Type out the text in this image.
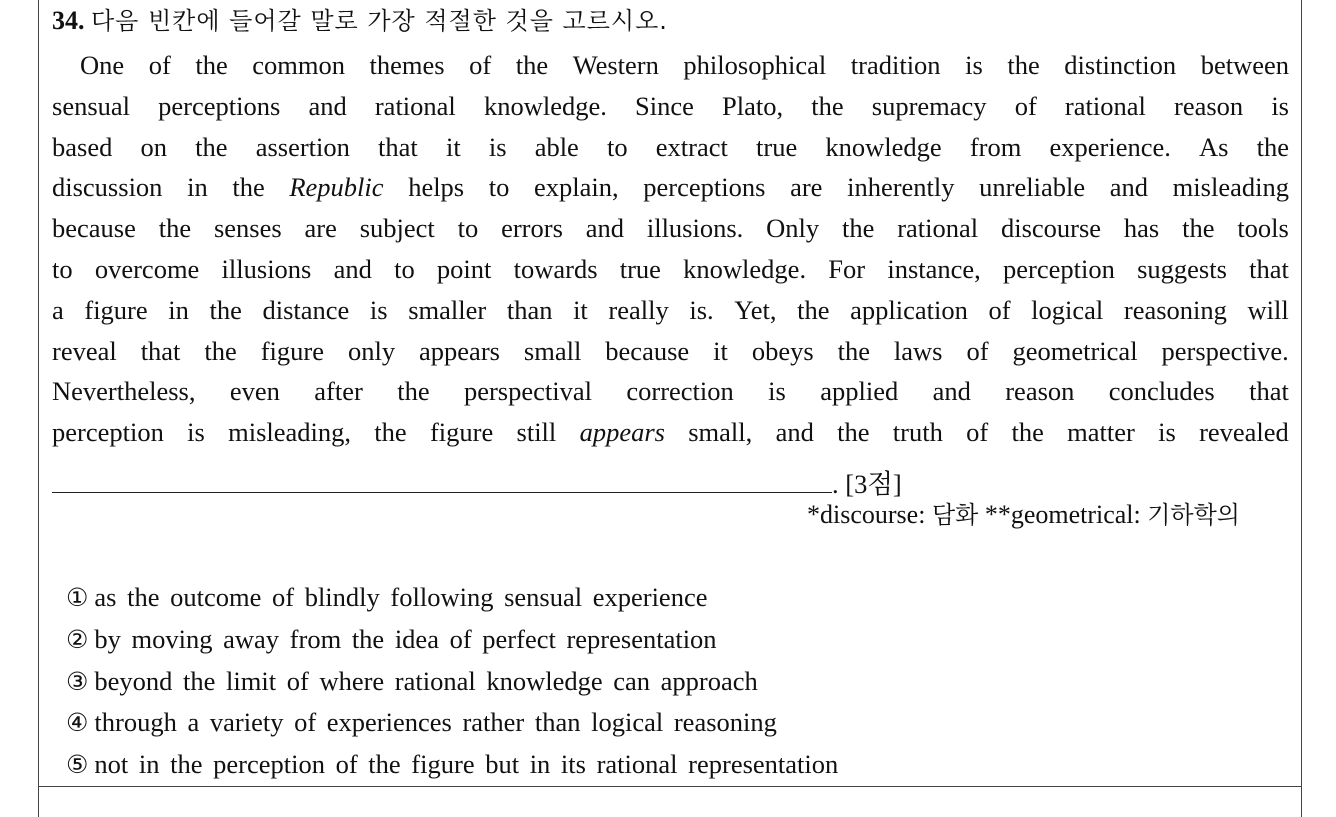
34. 다음 빈칸에 들어갈 말로 가장 적절한 것을 고르시오.
One of the common themes of the Western philosophical tradition is the distinction between
sensual perceptions and rational knowledge. Since Plato, the supremacy of rational reason is
based on the assertion that it is able to extract true knowledge from experience. As the
discussion in the Republic helps to explain, perceptions are inherently unreliable and misleading
because the senses are subject to errors and illusions. Only the rational discourse has the tools
to overcome illusions and to point towards true knowledge. For instance, perception suggests that
a figure in the distance is smaller than it really is. Yet, the application of logical reasoning will
reveal that the figure only appears small because it obeys the laws of geometrical perspective.
Nevertheless, even after the perspectival correction is applied and reason concludes that
perception is misleading, the figure still appears small, and the truth of the matter is revealed
. [3점]
*discourse: 담화 **geometrical: 기하학의
① as the outcome of blindly following sensual experience
② by moving away from the idea of perfect representation
③ beyond the limit of where rational knowledge can approach
④ through a variety of experiences rather than logical reasoning
⑤ not in the perception of the figure but in its rational representation
